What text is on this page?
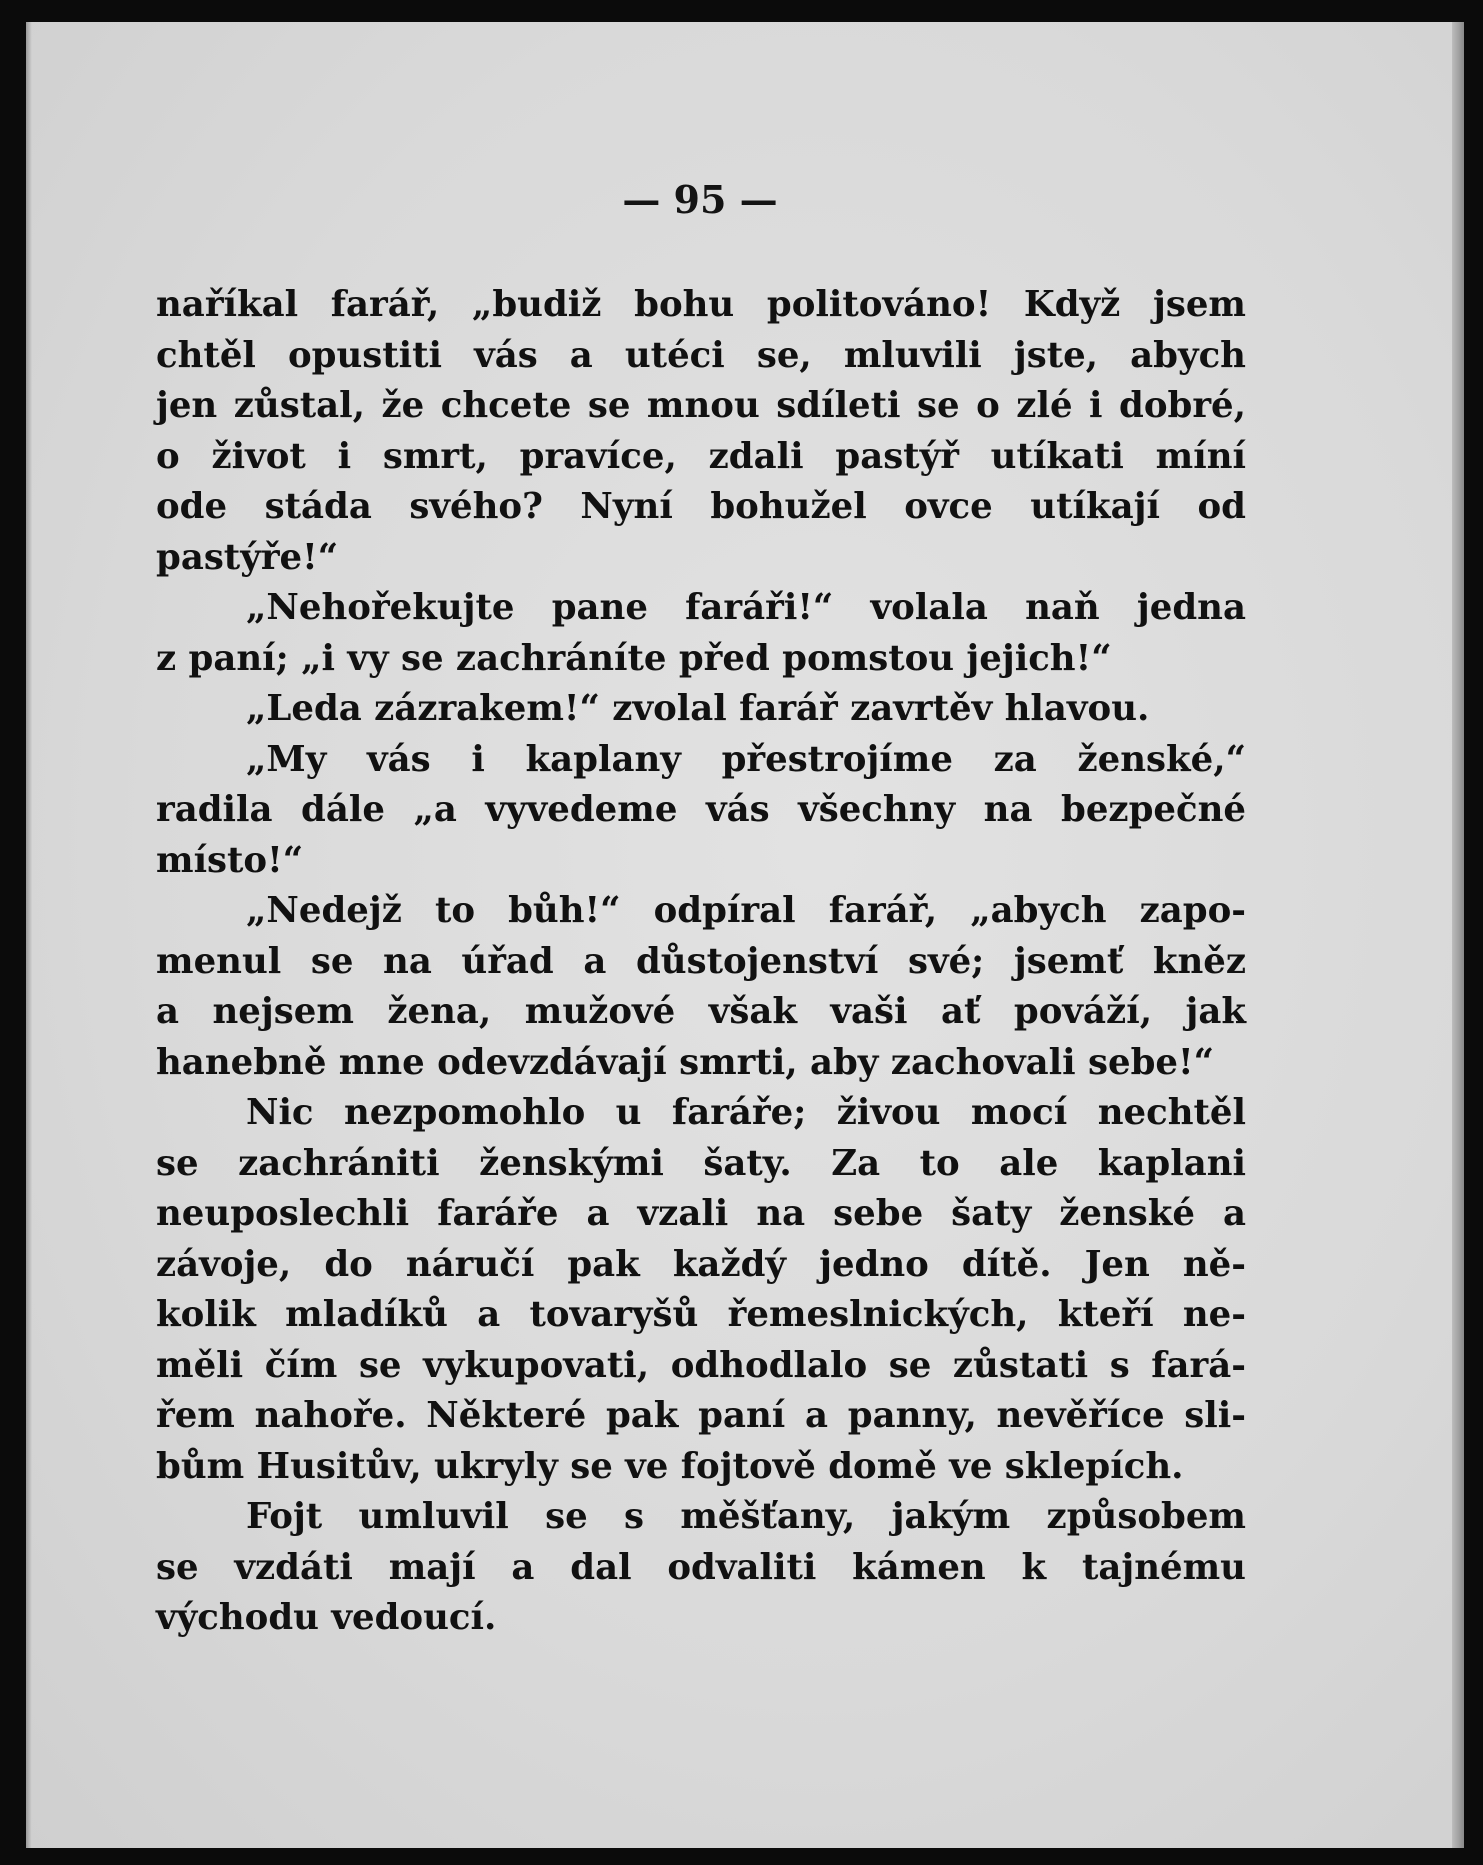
— 95 —
naříkal farář, „budiž bohu politováno! Když jsem
chtěl opustiti vás a utéci se, mluvili jste, abych
jen zůstal, že chcete se mnou sdíleti se o zlé i dobré,
o život i smrt, pravíce, zdali pastýř utíkati míní
ode stáda svého? Nyní bohužel ovce utíkají od
pastýře!“
„Nehořekujte pane faráři!“ volala naň jedna
z paní; „i vy se zachráníte před pomstou jejich!“
„Leda zázrakem!“ zvolal farář zavrtěv hlavou.
„My vás i kaplany přestrojíme za ženské,“
radila dále „a vyvedeme vás všechny na bezpečné
místo!“
„Nedejž to bůh!“ odpíral farář, „abych zapo-
menul se na úřad a důstojenství své; jsemť kněz
a nejsem žena, mužové však vaši ať pováží, jak
hanebně mne odevzdávají smrti, aby zachovali sebe!“
Nic nezpomohlo u faráře; živou mocí nechtěl
se zachrániti ženskými šaty. Za to ale kaplani
neuposlechli faráře a vzali na sebe šaty ženské a
závoje, do náručí pak každý jedno dítě. Jen ně-
kolik mladíků a tovaryšů řemeslnických, kteří ne-
měli čím se vykupovati, odhodlalo se zůstati s fará-
řem nahoře. Některé pak paní a panny, nevěříce sli-
bům Husitův, ukryly se ve fojtově domě ve sklepích.
Fojt umluvil se s měšťany, jakým způsobem
se vzdáti mají a dal odvaliti kámen k tajnému
východu vedoucí.
